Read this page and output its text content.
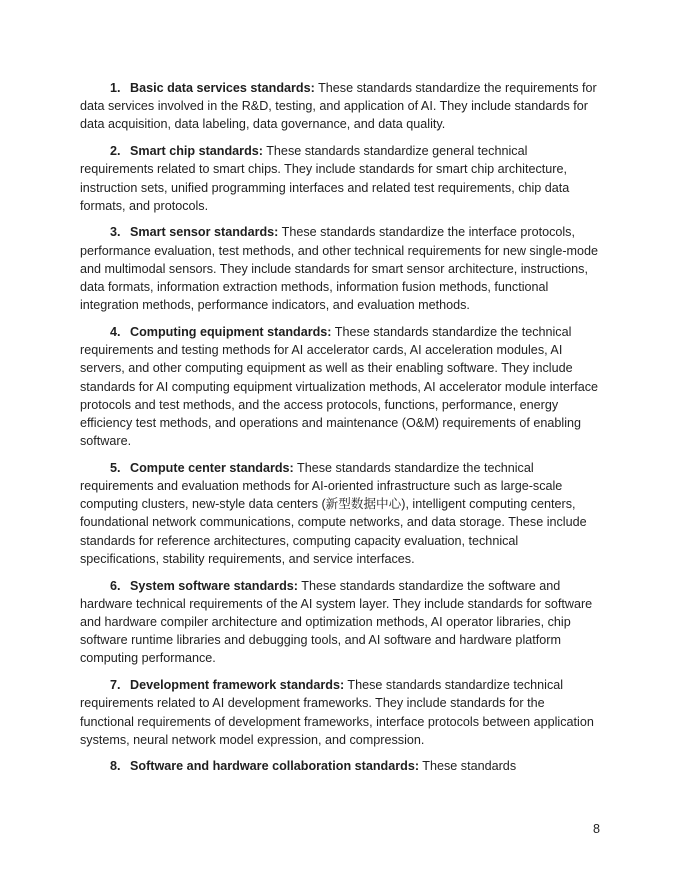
1. Basic data services standards: These standards standardize the requirements for data services involved in the R&D, testing, and application of AI. They include standards for data acquisition, data labeling, data governance, and data quality.

2. Smart chip standards: These standards standardize general technical requirements related to smart chips. They include standards for smart chip architecture, instruction sets, unified programming interfaces and related test requirements, chip data formats, and protocols.

3. Smart sensor standards: These standards standardize the interface protocols, performance evaluation, test methods, and other technical requirements for new single-mode and multimodal sensors. They include standards for smart sensor architecture, instructions, data formats, information extraction methods, information fusion methods, functional integration methods, performance indicators, and evaluation methods.

4. Computing equipment standards: These standards standardize the technical requirements and testing methods for AI accelerator cards, AI acceleration modules, AI servers, and other computing equipment as well as their enabling software. They include standards for AI computing equipment virtualization methods, AI accelerator module interface protocols and test methods, and the access protocols, functions, performance, energy efficiency test methods, and operations and maintenance (O&M) requirements of enabling software.

5. Compute center standards: These standards standardize the technical requirements and evaluation methods for AI-oriented infrastructure such as large-scale computing clusters, new-style data centers (新型数据中心), intelligent computing centers, foundational network communications, compute networks, and data storage. These include standards for reference architectures, computing capacity evaluation, technical specifications, stability requirements, and service interfaces.

6. System software standards: These standards standardize the software and hardware technical requirements of the AI system layer. They include standards for software and hardware compiler architecture and optimization methods, AI operator libraries, chip software runtime libraries and debugging tools, and AI software and hardware platform computing performance.

7. Development framework standards: These standards standardize technical requirements related to AI development frameworks. They include standards for the functional requirements of development frameworks, interface protocols between application systems, neural network model expression, and compression.

8. Software and hardware collaboration standards: These standards

8
